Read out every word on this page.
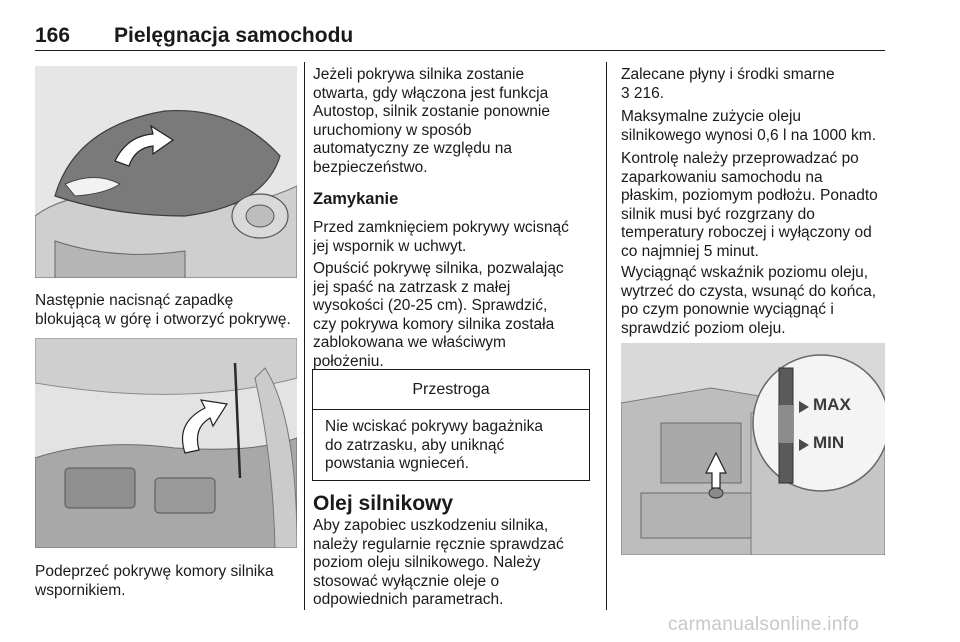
166 Pielęgnacja samochodu

Następnie nacisnąć zapadkę
blokującą w górę i otworzyć pokrywę.

Podeprzeć pokrywę komory silnika
wspornikiem.

Jeżeli pokrywa silnika zostanie
otwarta, gdy włączona jest funkcja
Autostop, silnik zostanie ponownie
uruchomiony w sposób
automatyczny ze względu na
bezpieczeństwo.

Zamykanie

Przed zamknięciem pokrywy wcisnąć
jej wspornik w uchwyt.

Opuścić pokrywę silnika, pozwalając
jej spaść na zatrzask z małej
wysokości (20-25 cm). Sprawdzić,
czy pokrywa komory silnika została
zablokowana we właściwym
położeniu.

Przestroga

Nie wciskać pokrywy bagażnika
do zatrzasku, aby uniknąć
powstania wgnieceń.

Olej silnikowy

Aby zapobiec uszkodzeniu silnika,
należy regularnie ręcznie sprawdzać
poziom oleju silnikowego. Należy
stosować wyłącznie oleje o
odpowiednich parametrach.

Zalecane płyny i środki smarne
3 216.

Maksymalne zużycie oleju
silnikowego wynosi 0,6 l na 1000 km.

Kontrolę należy przeprowadzać po
zaparkowaniu samochodu na
płaskim, poziomym podłożu. Ponadto
silnik musi być rozgrzany do
temperatury roboczej i wyłączony od
co najmniej 5 minut.

Wyciągnąć wskaźnik poziomu oleju,
wytrzeć do czysta, wsunąć do końca,
po czym ponownie wyciągnąć i
sprawdzić poziom oleju.

MAX
MIN
carmanualsonline.info
